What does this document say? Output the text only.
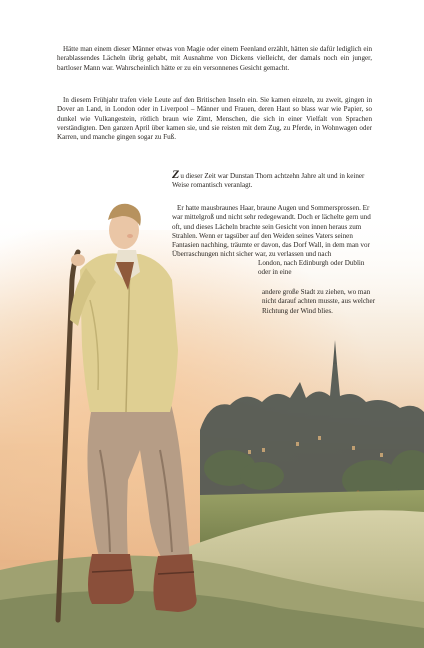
Hätte man einem dieser Männer etwas von Magie oder einem Feenland erzählt, hätten sie dafür lediglich ein herablassendes Lächeln übrig gehabt, mit Ausnahme von Dickens vielleicht, der damals noch ein junger, bartloser Mann war. Wahrscheinlich hätte er zu ein versonnenes Gesicht gemacht.

In diesem Frühjahr trafen viele Leute auf den Britischen Inseln ein. Sie kamen einzeln, zu zweit, gingen in Dover an Land, in London oder in Liverpool – Männer und Frauen, deren Haut so blass war wie Papier, so dunkel wie Vulkangestein, rötlich braun wie Zimt, Menschen, die sich in einer Vielfalt von Sprachen verständigten. Den ganzen April über kamen sie, und sie reisten mit dem Zug, zu Pferde, in Wohnwagen oder Karren, und manche gingen sogar zu Fuß.

Zu dieser Zeit war Dunstan Thorn achtzehn Jahre alt und in keiner Weise romantisch veranlagt.

Er hatte mausbraunes Haar, braune Augen und Sommersprossen. Er war mittelgroß und nicht sehr redegewandt. Doch er lächelte gern und oft, und dieses Lächeln brachte sein Gesicht von innen heraus zum Strahlen. Wenn er tagsüber auf den Weiden seines Vaters seinen Fantasien nachhing, träumte er davon, das Dorf Wall, in dem man vor Überraschungen nicht sicher war, zu verlassen und nach

London, nach Edinburgh oder Dublin oder in eine

andere große Stadt zu ziehen, wo man nicht darauf achten musste, aus welcher Richtung der Wind blies.
